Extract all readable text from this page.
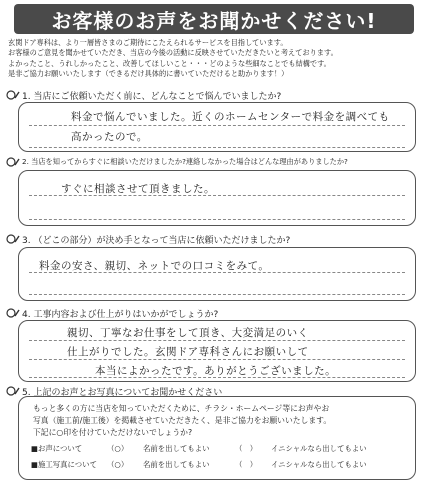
お客様のお声をお聞かせください!
玄関ドア専科は、より一層皆さまのご期待にこたえられるサービスを目指しています。
お客様のご意見を聞かせていただき、当店の今後の活動に反映させていただきたいと考えております。
よかったこと、うれしかったこと、改善してほしいこと・・・どのような些細なことでも結構です。
是非ご協力お願いいたします（できるだけ具体的に書いていただけると助かります！）
1. 当店にご依頼いただく前に、どんなことで悩んでいましたか?
料金で悩んでいました。近くのホームセンターで料金を調べても
高かったので。
2. 当店を知ってからすぐに相談いただけましたか?連絡しなかった場合はどんな理由がありましたか?
すぐに相談させて頂きました。
3. （どこの部分）が決め手となって当店に依頼いただけましたか?
料金の安さ、親切、ネットでの口コミをみて。
4. 工事内容および仕上がりはいかがでしょうか?
親切、丁寧なお仕事をして頂き、大変満足のいく
仕上がりでした。玄関ドア専科さんにお願いして
本当によかったです。ありがとうございました。
5. 上記のお声とお写真についてお聞かせください
もっと多くの方に当店を知っていただくために、チラシ・ホームページ等にお声やお
写真（施工前/施工後）を掲載させていただきたく、是非ご協力をお願いいたします。
下記に○印を付けていただけないでしょうか?
■お声について	（○）	名前を出してもよい	（　）	イニシャルなら出してもよい
■施工写真について	（○）	名前を出してもよい	（　）	イニシャルなら出してもよい
